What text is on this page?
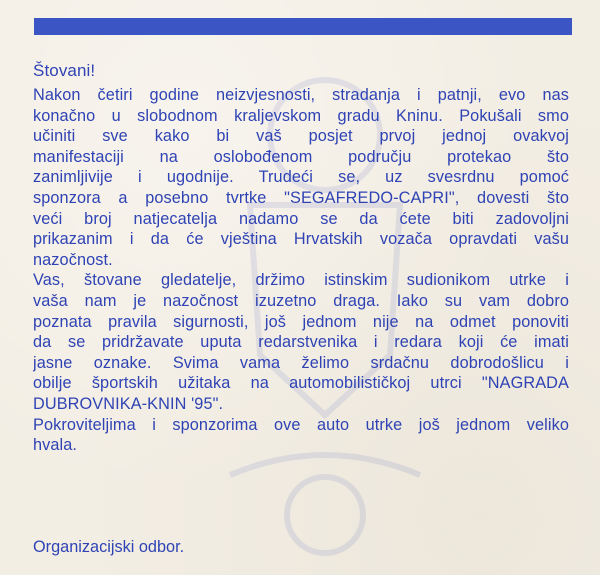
Štovani!
Nakon četiri godine neizvjesnosti, stradanja i patnji, evo nas
konačno u slobodnom kraljevskom gradu Kninu. Pokušali smo
učiniti sve kako bi vaš posjet prvoj jednoj ovakvoj
manifestaciji na oslobođenom području protekao što
zanimljivije i ugodnije. Trudeći se, uz svesrdnu pomoć
sponzora a posebno tvrtke "SEGAFREDO-CAPRI", dovesti što
veći broj natjecatelja nadamo se da ćete biti zadovoljni
prikazanim i da će vještina Hrvatskih vozača opravdati vašu
nazočnost.
Vas, štovane gledatelje, držimo istinskim sudionikom utrke i
vaša nam je nazočnost izuzetno draga. Iako su vam dobro
poznata pravila sigurnosti, još jednom nije na odmet ponoviti
da se pridržavate uputa redarstvenika i redara koji će imati
jasne oznake. Svima vama želimo srdačnu dobrodošlicu i
obilje športskih užitaka na automobilističkoj utrci "NAGRADA
DUBROVNIKA-KNIN '95".
Pokroviteljima i sponzorima ove auto utrke još jednom veliko
hvala.
Organizacijski odbor.
